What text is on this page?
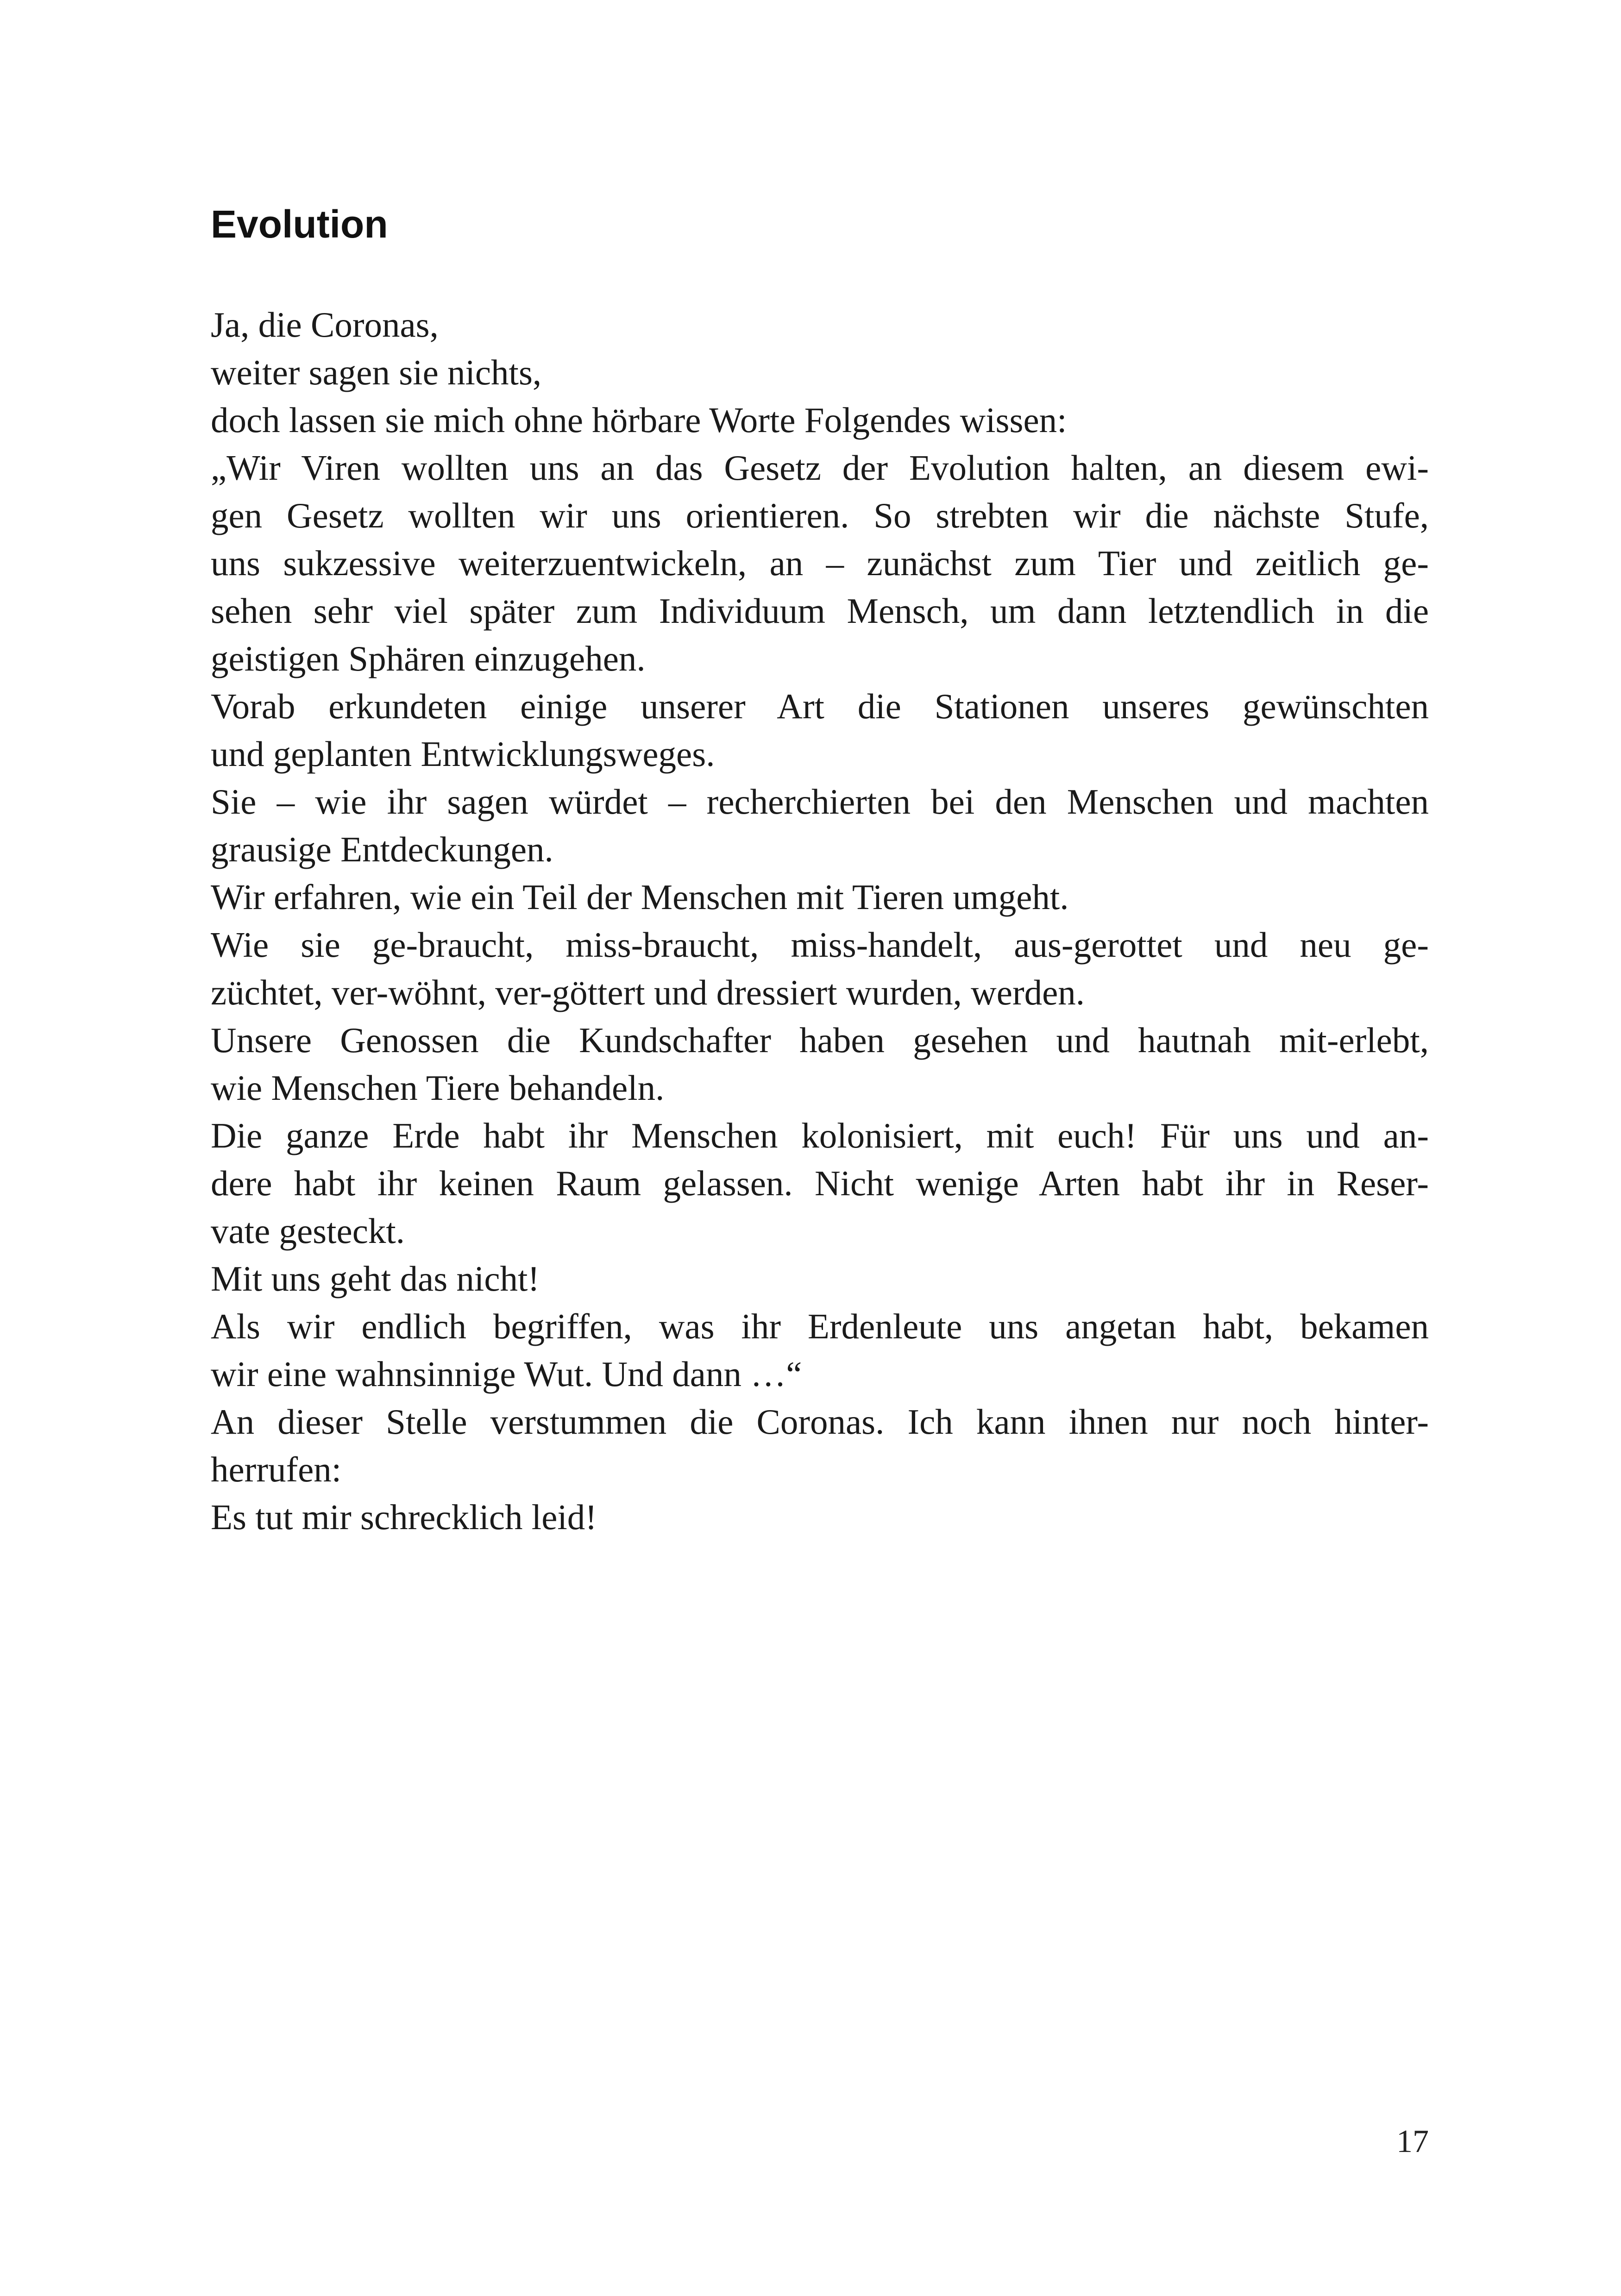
Evolution
Ja, die Coronas,
weiter sagen sie nichts,
doch lassen sie mich ohne hörbare Worte Folgendes wissen:
„Wir Viren wollten uns an das Gesetz der Evolution halten, an diesem ewi-
gen Gesetz wollten wir uns orientieren. So strebten wir die nächste Stufe,
uns sukzessive weiterzuentwickeln, an – zunächst zum Tier und zeitlich ge-
sehen sehr viel später zum Individuum Mensch, um dann letztendlich in die
geistigen Sphären einzugehen.
Vorab erkundeten einige unserer Art die Stationen unseres gewünschten
und geplanten Entwicklungsweges.
Sie – wie ihr sagen würdet – recherchierten bei den Menschen und machten
grausige Entdeckungen.
Wir erfahren, wie ein Teil der Menschen mit Tieren umgeht.
Wie sie ge-braucht, miss-braucht, miss-handelt, aus-gerottet und neu ge-
züchtet, ver-wöhnt, ver-göttert und dressiert wurden, werden.
Unsere Genossen die Kundschafter haben gesehen und hautnah mit-erlebt,
wie Menschen Tiere behandeln.
Die ganze Erde habt ihr Menschen kolonisiert, mit euch! Für uns und an-
dere habt ihr keinen Raum gelassen. Nicht wenige Arten habt ihr in Reser-
vate gesteckt.
Mit uns geht das nicht!
Als wir endlich begriffen, was ihr Erdenleute uns angetan habt, bekamen
wir eine wahnsinnige Wut. Und dann …“
An dieser Stelle verstummen die Coronas. Ich kann ihnen nur noch hinter-
herrufen:
Es tut mir schrecklich leid!
17
